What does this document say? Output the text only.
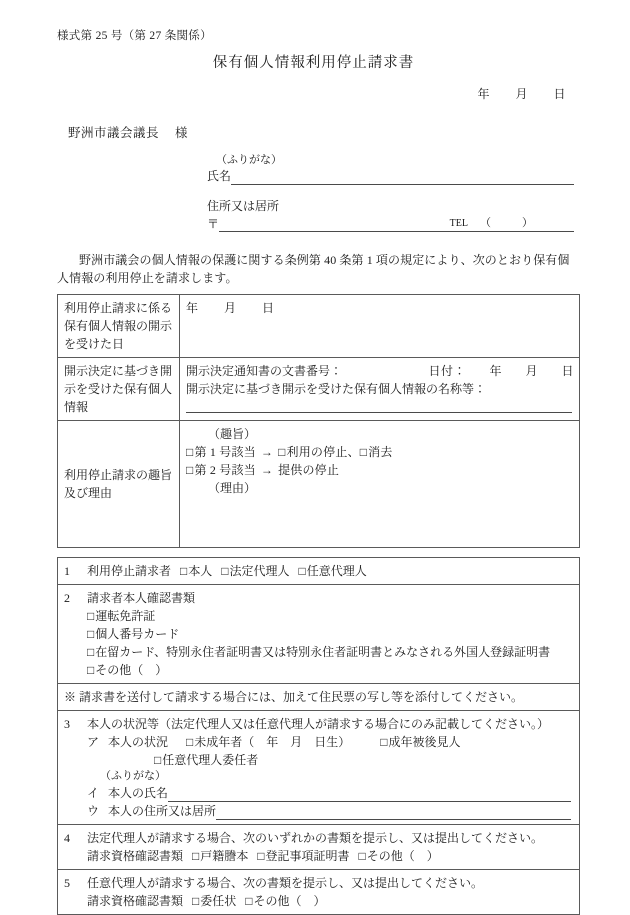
様式第 25 号（第 27 条関係）
保有個人情報利用停止請求書
年 月 日
野洲市議会議長 様
（ふりがな）
氏名
住所又は居所
〒	TEL （　　）
野洲市議会の個人情報の保護に関する条例第 40 条第 1 項の規定により、次のとおり保有個
人情報の利用停止を請求します。
利用停止請求に係る保有個人情報の開示を受けた日	年 月 日
開示決定に基づき開示を受けた保有個人情報	開示決定通知書の文書番号： 日付： 年 月 日
開示決定に基づき開示を受けた保有個人情報の名称等：

利用停止請求の趣旨及び理由	（趣旨）
□第 1 号該当 → □利用の停止、□消去
□第 2 号該当 → 提供の停止
（理由）
1 利用停止請求者 □本人 □法定代理人 □任意代理人

2 請求者本人確認書類
□運転免許証
□個人番号カード
□在留カード、特別永住者証明書又は特別永住者証明書とみなされる外国人登録証明書
□その他（　）

※ 請求書を送付して請求する場合には、加えて住民票の写し等を添付してください。

3 本人の状況等（法定代理人又は任意代理人が請求する場合にのみ記載してください。）
ア 本人の状況 □未成年者（　年　月　日生）	□成年被後見人
□任意代理人委任者
（ふりがな）
イ 本人の氏名
ウ 本人の住所又は居所

4 法定代理人が請求する場合、次のいずれかの書類を提示し、又は提出してください。
請求資格確認書類 □戸籍謄本 □登記事項証明書 □その他（　）

5 任意代理人が請求する場合、次の書類を提示し、又は提出してください。
請求資格確認書類 □委任状 □その他（　）
